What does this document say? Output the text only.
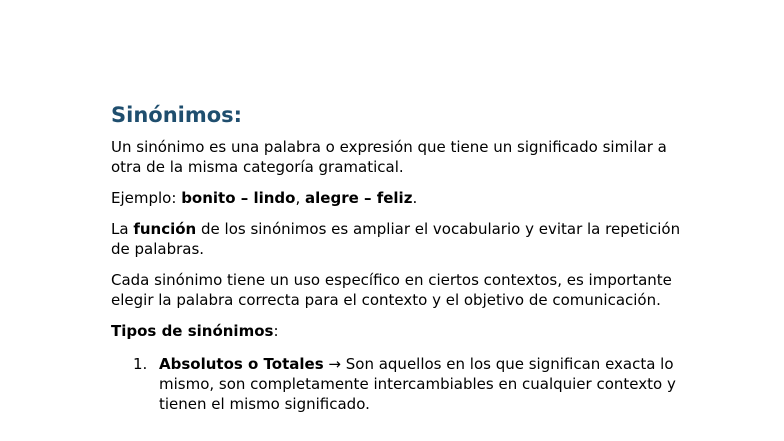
Sinónimos:

Un sinónimo es una palabra o expresión que tiene un significado similar a otra de la misma categoría gramatical.

Ejemplo: bonito – lindo, alegre – feliz.

La función de los sinónimos es ampliar el vocabulario y evitar la repetición de palabras.

Cada sinónimo tiene un uso específico en ciertos contextos, es importante elegir la palabra correcta para el contexto y el objetivo de comunicación.

Tipos de sinónimos:

1. Absolutos o Totales → Son aquellos en los que significan exacta lo mismo, son completamente intercambiables en cualquier contexto y tienen el mismo significado.
